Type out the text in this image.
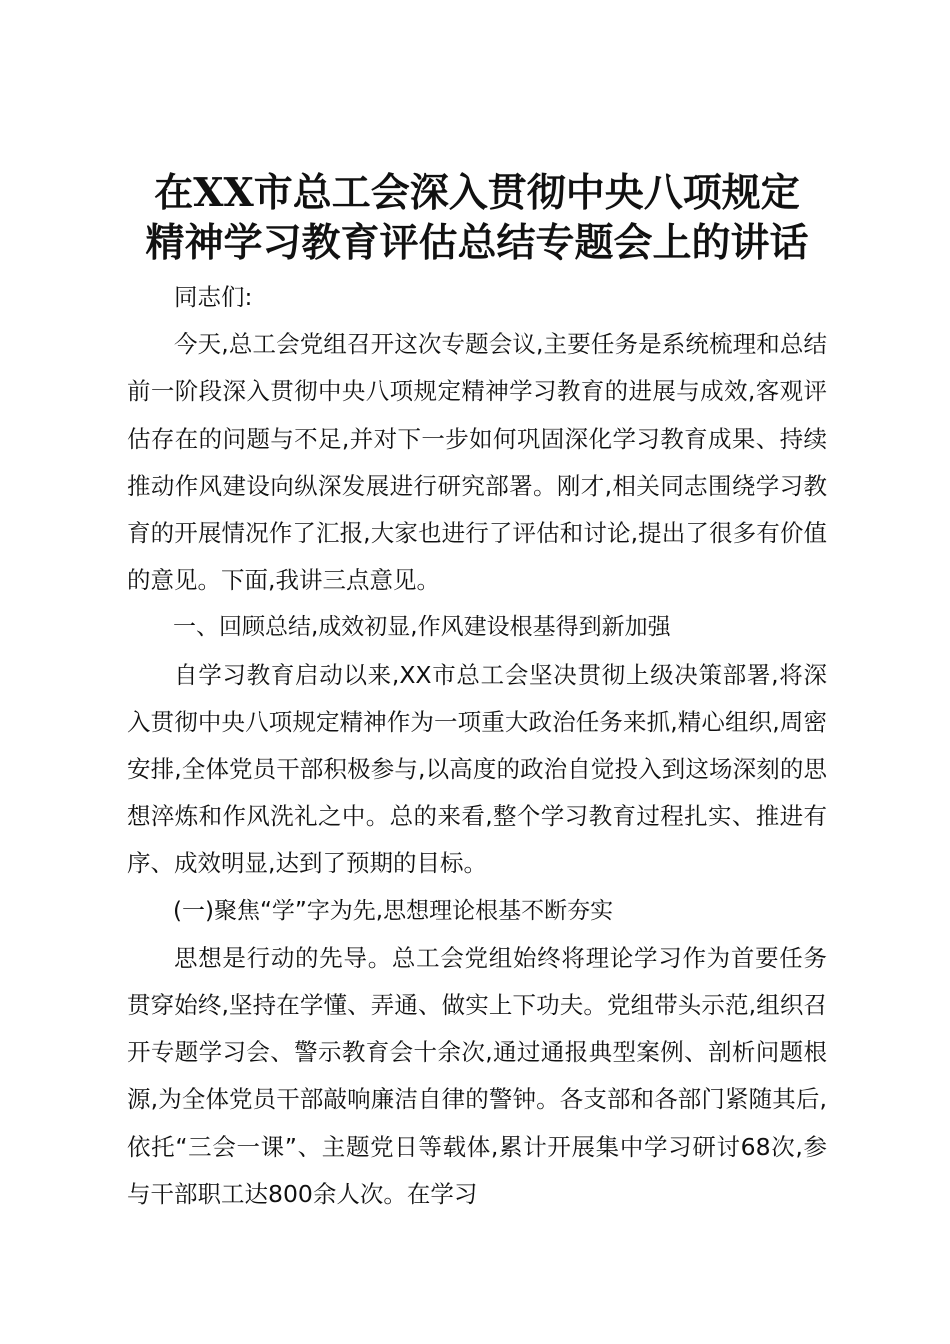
在XX市总工会深入贯彻中央八项规定
精神学习教育评估总结专题会上的讲话

同志们:

今天,总工会党组召开这次专题会议,主要任务是系统梳理和总结前一阶段深入贯彻中央八项规定精神学习教育的进展与成效,客观评估存在的问题与不足,并对下一步如何巩固深化学习教育成果、持续推动作风建设向纵深发展进行研究部署。刚才,相关同志围绕学习教育的开展情况作了汇报,大家也进行了评估和讨论,提出了很多有价值的意见。下面,我讲三点意见。

一、回顾总结,成效初显,作风建设根基得到新加强

自学习教育启动以来,XX市总工会坚决贯彻上级决策部署,将深入贯彻中央八项规定精神作为一项重大政治任务来抓,精心组织,周密安排,全体党员干部积极参与,以高度的政治自觉投入到这场深刻的思想淬炼和作风洗礼之中。总的来看,整个学习教育过程扎实、推进有序、成效明显,达到了预期的目标。

(一)聚焦“学”字为先,思想理论根基不断夯实

思想是行动的先导。总工会党组始终将理论学习作为首要任务贯穿始终,坚持在学懂、弄通、做实上下功夫。党组带头示范,组织召开专题学习会、警示教育会十余次,通过通报典型案例、剖析问题根源,为全体党员干部敲响廉洁自律的警钟。各支部和各部门紧随其后,依托“三会一课”、主题党日等载体,累计开展集中学习研讨68次,参与干部职工达800余人次。在学习
